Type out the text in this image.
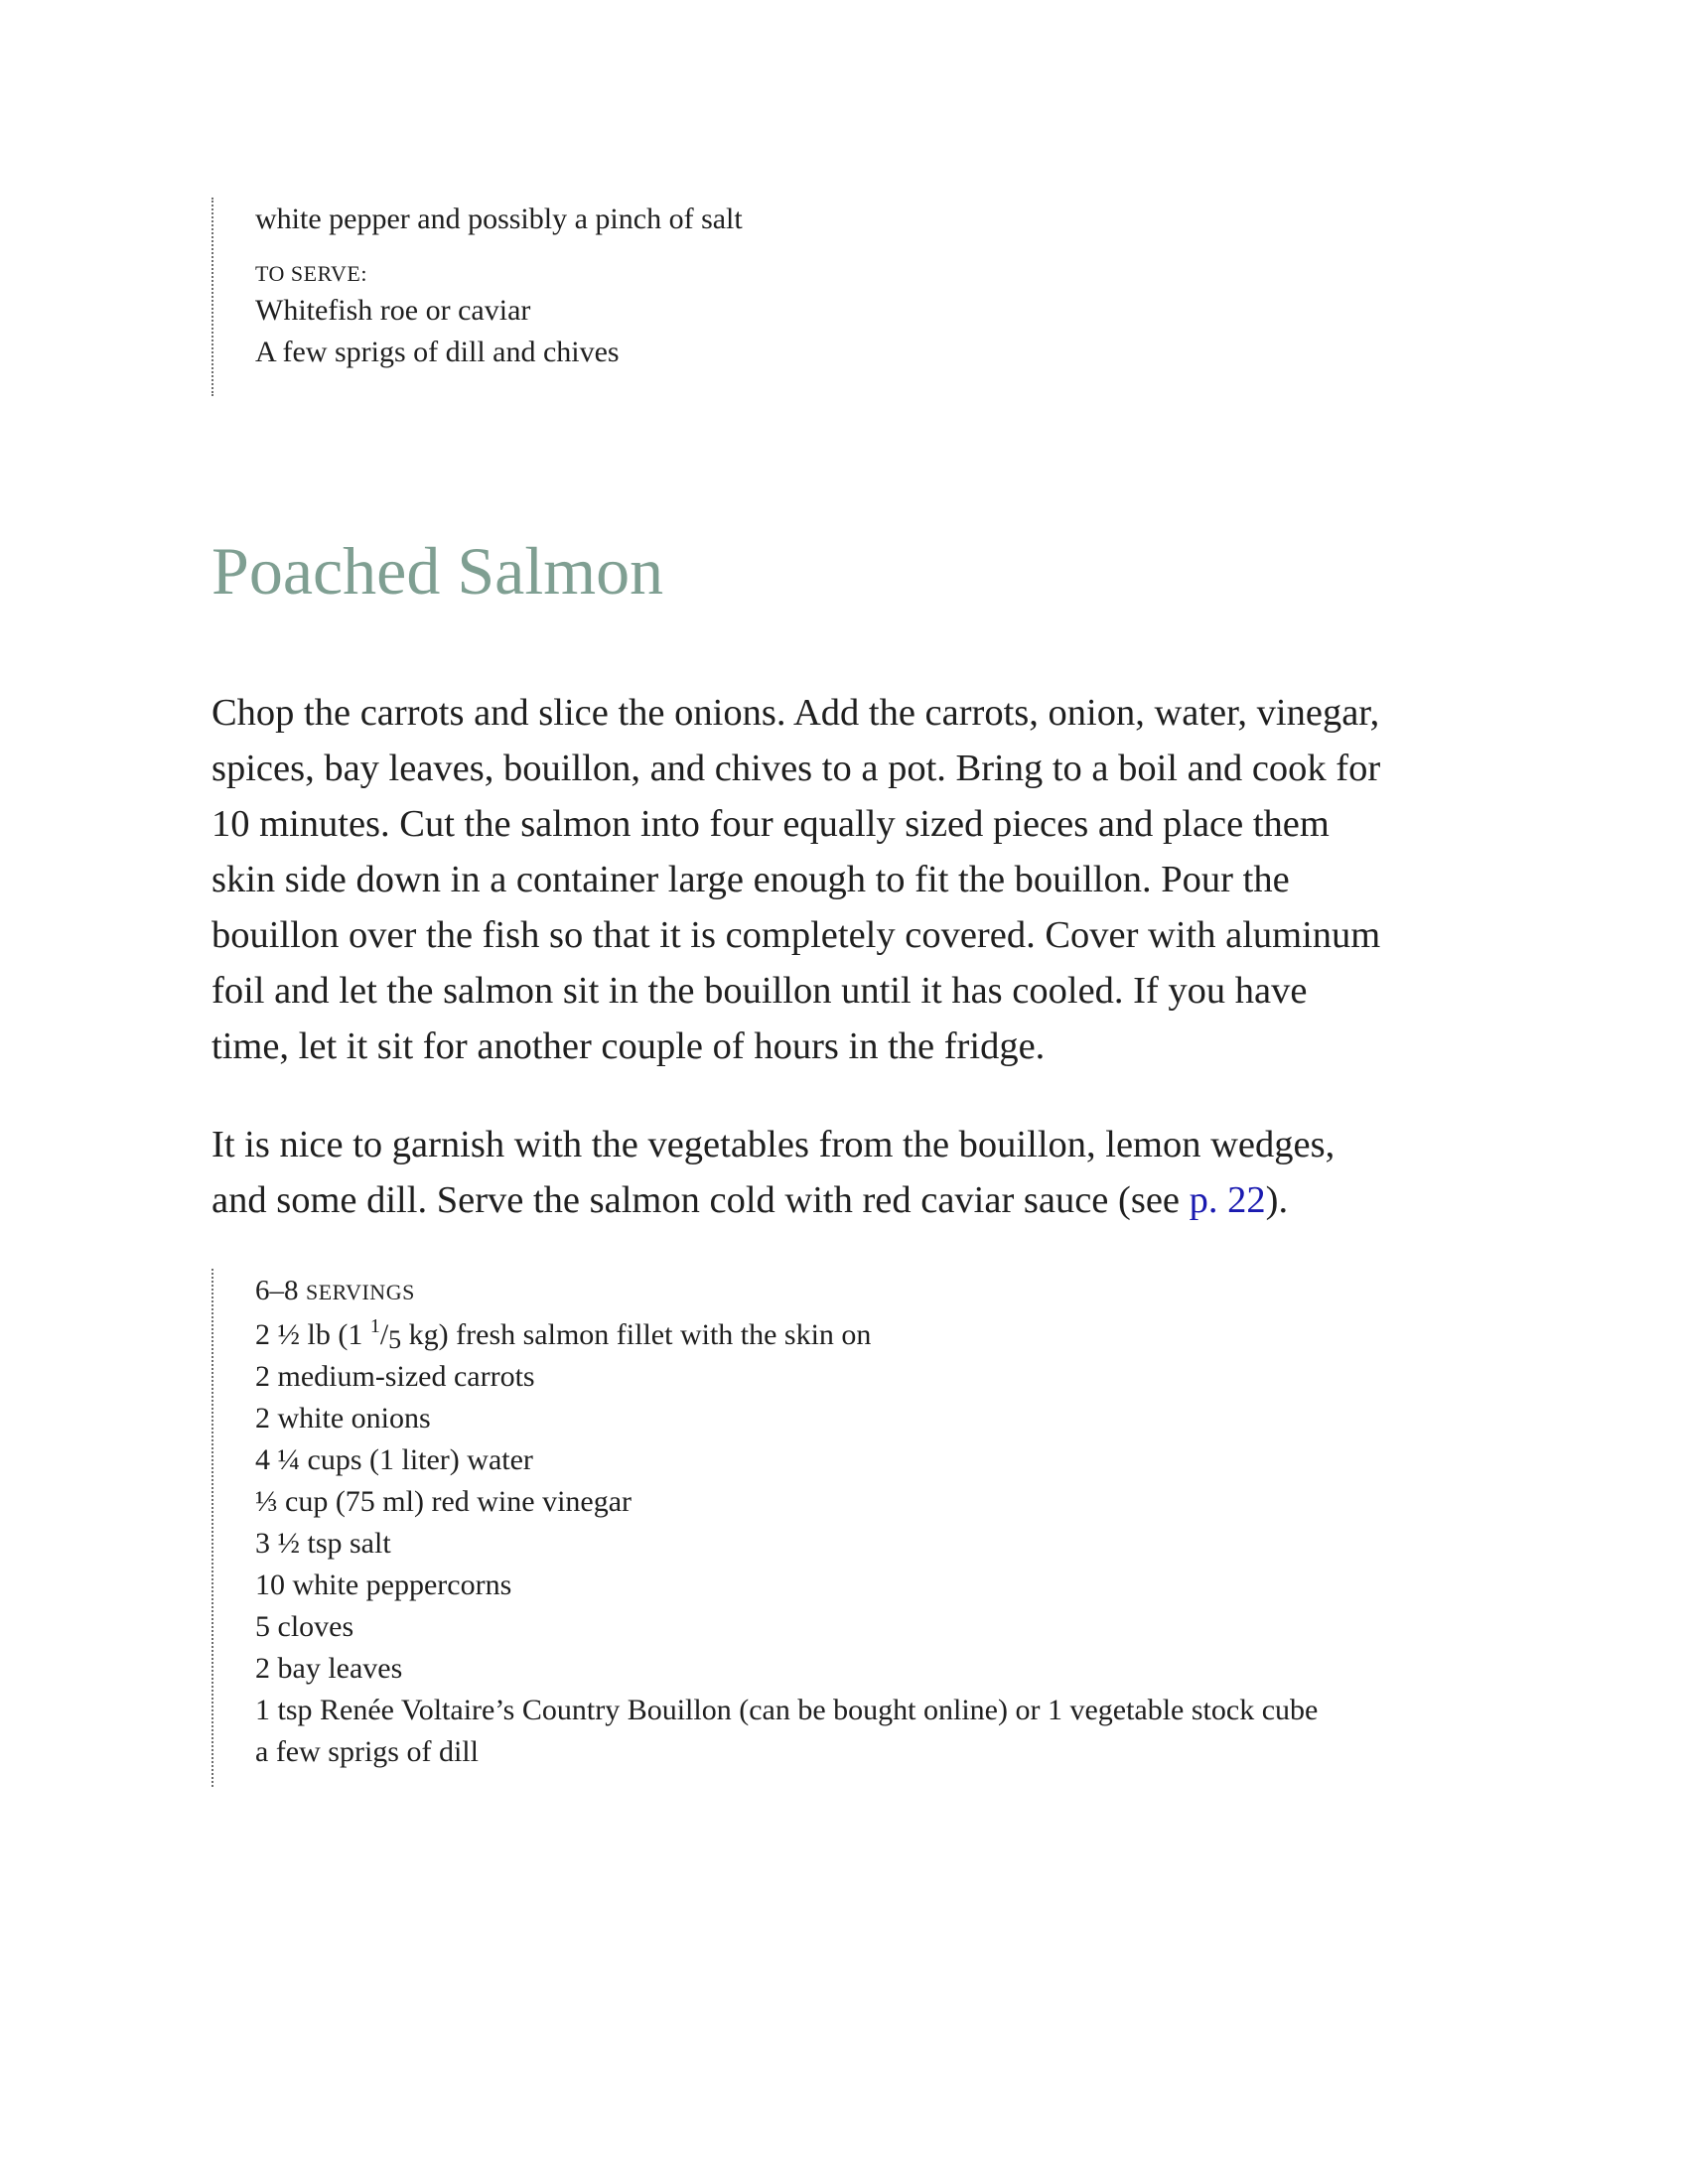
white pepper and possibly a pinch of salt
TO SERVE:
Whitefish roe or caviar
A few sprigs of dill and chives
Poached Salmon
Chop the carrots and slice the onions. Add the carrots, onion, water, vinegar,
spices, bay leaves, bouillon, and chives to a pot. Bring to a boil and cook for
10 minutes. Cut the salmon into four equally sized pieces and place them
skin side down in a container large enough to fit the bouillon. Pour the
bouillon over the fish so that it is completely covered. Cover with aluminum
foil and let the salmon sit in the bouillon until it has cooled. If you have
time, let it sit for another couple of hours in the fridge.
It is nice to garnish with the vegetables from the bouillon, lemon wedges,
and some dill. Serve the salmon cold with red caviar sauce (see p. 22).
6–8 SERVINGS
2 ½ lb (1 $^1/_5$ kg) fresh salmon fillet with the skin on
2 medium-sized carrots
2 white onions
4 ¼ cups (1 liter) water
⅓ cup (75 ml) red wine vinegar
3 ½ tsp salt
10 white peppercorns
5 cloves
2 bay leaves
1 tsp Renée Voltaire’s Country Bouillon (can be bought online) or 1 vegetable stock cube
a few sprigs of dill
